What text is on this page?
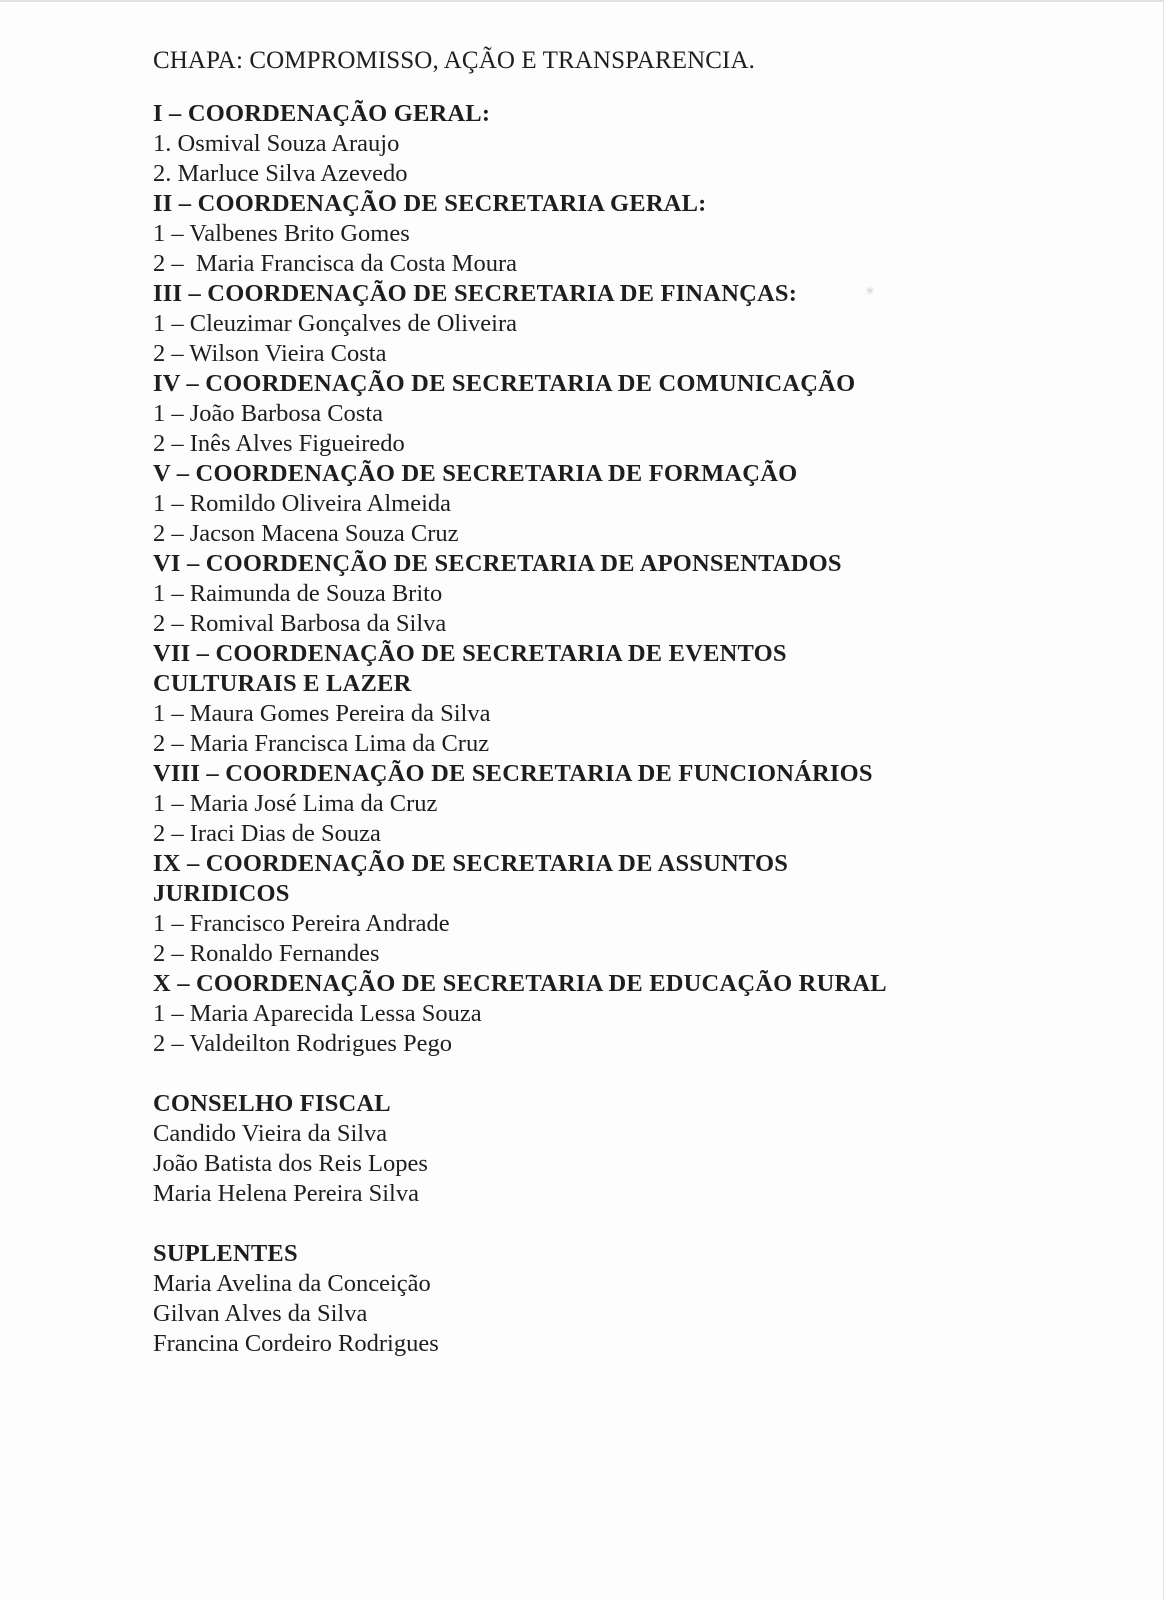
✳

CHAPA: COMPROMISSO, AÇÃO E TRANSPARENCIA.

I – COORDENAÇÃO GERAL:

1. Osmival Souza Araujo

2. Marluce Silva Azevedo

II – COORDENAÇÃO DE SECRETARIA GERAL:

1 – Valbenes Brito Gomes

2 –  Maria Francisca da Costa Moura

III – COORDENAÇÃO DE SECRETARIA DE FINANÇAS:

1 – Cleuzimar Gonçalves de Oliveira

2 – Wilson Vieira Costa

IV – COORDENAÇÃO DE SECRETARIA DE COMUNICAÇÃO

1 – João Barbosa Costa

2 – Inês Alves Figueiredo

V – COORDENAÇÃO DE SECRETARIA DE FORMAÇÃO

1 – Romildo Oliveira Almeida

2 – Jacson Macena Souza Cruz

VI – COORDENÇÃO DE SECRETARIA DE APONSENTADOS

1 – Raimunda de Souza Brito

2 – Romival Barbosa da Silva

VII – COORDENAÇÃO DE SECRETARIA DE EVENTOS

CULTURAIS E LAZER

1 – Maura Gomes Pereira da Silva

2 – Maria Francisca Lima da Cruz

VIII – COORDENAÇÃO DE SECRETARIA DE FUNCIONÁRIOS

1 – Maria José Lima da Cruz

2 – Iraci Dias de Souza

IX – COORDENAÇÃO DE SECRETARIA DE ASSUNTOS

JURIDICOS

1 – Francisco Pereira Andrade

2 – Ronaldo Fernandes

X – COORDENAÇÃO DE SECRETARIA DE EDUCAÇÃO RURAL

1 – Maria Aparecida Lessa Souza

2 – Valdeilton Rodrigues Pego

CONSELHO FISCAL

Candido Vieira da Silva

João Batista dos Reis Lopes

Maria Helena Pereira Silva

SUPLENTES

Maria Avelina da Conceição

Gilvan Alves da Silva

Francina Cordeiro Rodrigues
